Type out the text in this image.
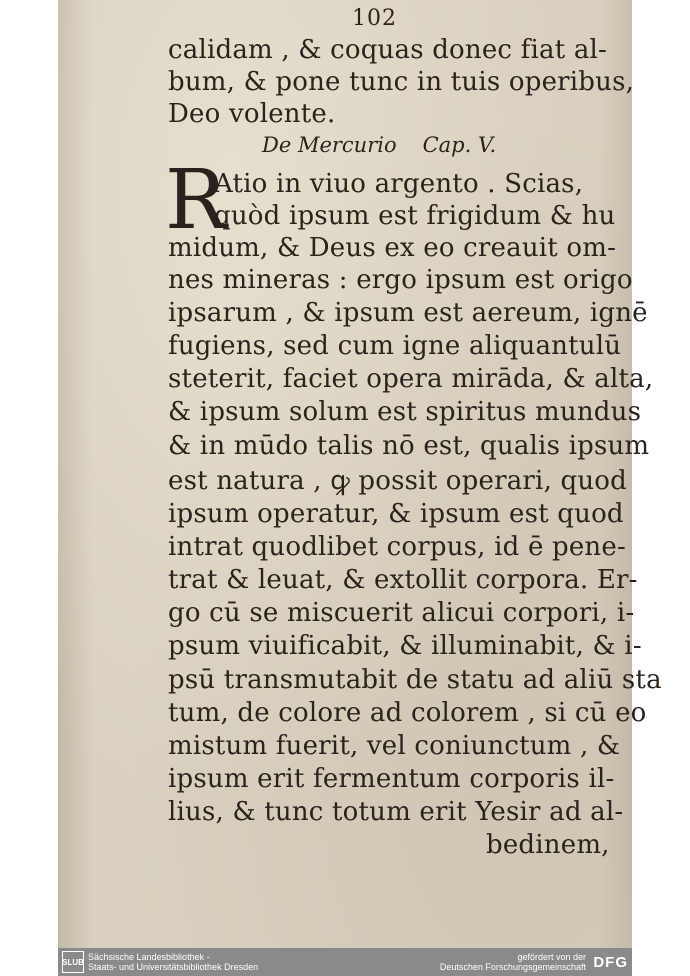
102
calidam , & coquas donec fiat al-
bum, & pone tunc in tuis operibus,
Deo volente.
De Mercurio Cap. V.
R
Atio in viuo argento . Scias,
quòd ipsum est frigidum & hu
midum, & Deus ex eo creauit om-
nes mineras : ergo ipsum est origo
ipsarum , & ipsum est aereum, ignē
fugiens, sed cum igne aliquantulū
steterit, faciet opera mirāda, & alta,
& ipsum solum est spiritus mundus
& in mūdo talis nō est, qualis ipsum
est natura , ꝙ possit operari, quod
ipsum operatur, & ipsum est quod
intrat quodlibet corpus, id ē pene-
trat & leuat, & extollit corpora. Er-
go cū se miscuerit alicui corpori, i-
psum viuificabit, & illuminabit, & i-
psū transmutabit de statu ad aliū sta
tum, de colore ad colorem , si cū eo
mistum fuerit, vel coniunctum , &
ipsum erit fermentum corporis il-
lius, & tunc totum erit Yesir ad al-
bedinem,
SLUB Sächsische Landesbibliothek -
Staats- und Universitätsbibliothek Dresden
gefördert von der
Deutschen Forschungsgemeinschaft DFG
